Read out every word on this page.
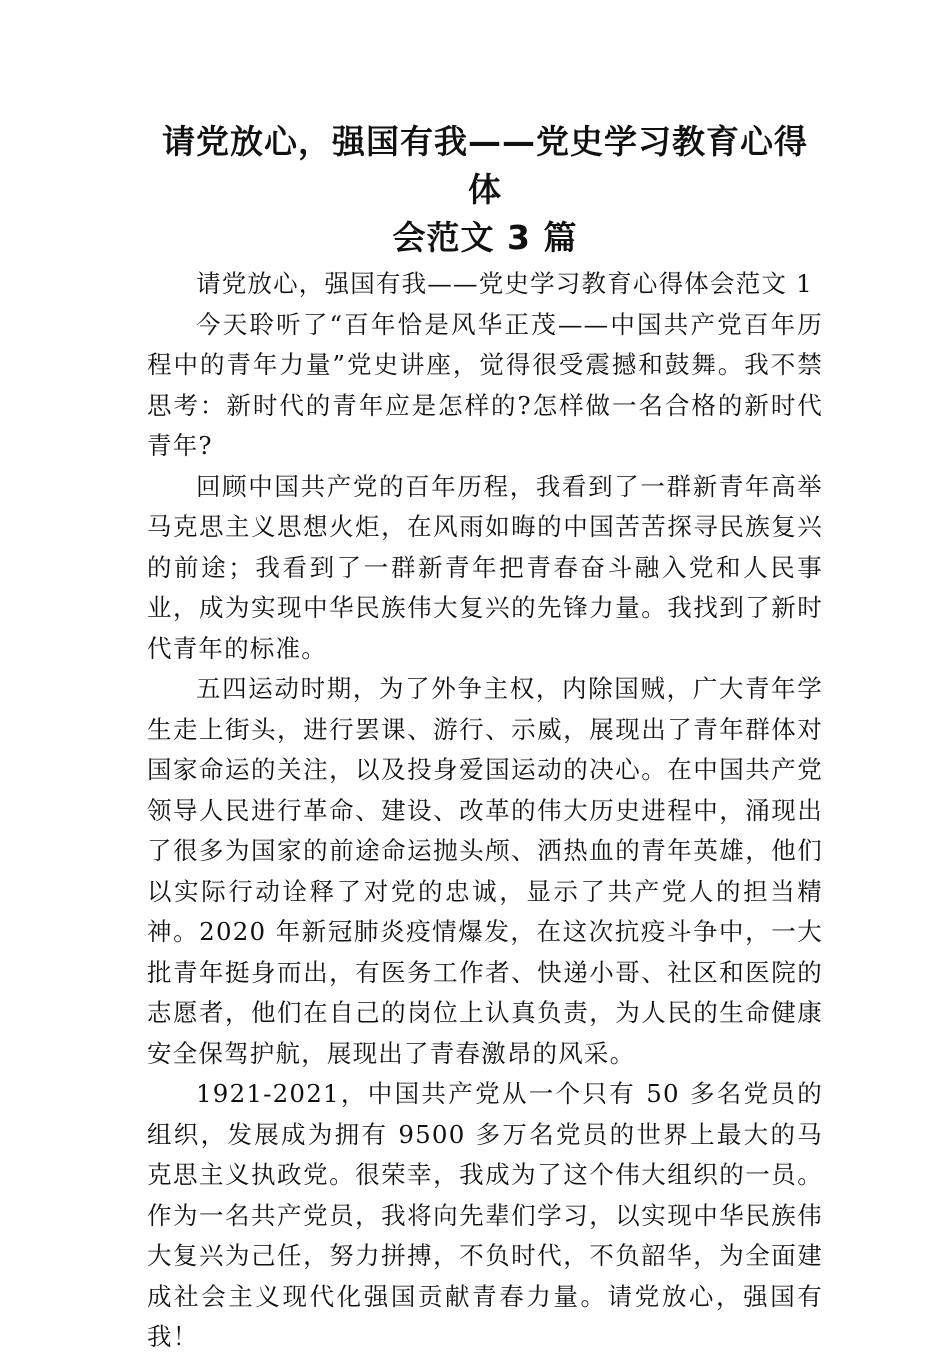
请党放心，强国有我——党史学习教育心得体
会范文 3 篇

请党放心，强国有我——党史学习教育心得体会范文 1

今天聆听了“百年恰是风华正茂——中国共产党百年历程中的青年力量”党史讲座，觉得很受震撼和鼓舞。我不禁思考：新时代的青年应是怎样的?怎样做一名合格的新时代青年?

回顾中国共产党的百年历程，我看到了一群新青年高举马克思主义思想火炬，在风雨如晦的中国苦苦探寻民族复兴的前途；我看到了一群新青年把青春奋斗融入党和人民事业，成为实现中华民族伟大复兴的先锋力量。我找到了新时代青年的标准。

五四运动时期，为了外争主权，内除国贼，广大青年学生走上街头，进行罢课、游行、示威，展现出了青年群体对国家命运的关注，以及投身爱国运动的决心。在中国共产党领导人民进行革命、建设、改革的伟大历史进程中，涌现出了很多为国家的前途命运抛头颅、洒热血的青年英雄，他们以实际行动诠释了对党的忠诚，显示了共产党人的担当精神。2020 年新冠肺炎疫情爆发，在这次抗疫斗争中，一大批青年挺身而出，有医务工作者、快递小哥、社区和医院的志愿者，他们在自己的岗位上认真负责，为人民的生命健康安全保驾护航，展现出了青春激昂的风采。

1921-2021，中国共产党从一个只有 50 多名党员的组织，发展成为拥有 9500 多万名党员的世界上最大的马克思主义执政党。很荣幸，我成为了这个伟大组织的一员。作为一名共产党员，我将向先辈们学习，以实现中华民族伟大复兴为己任，努力拼搏，不负时代，不负韶华，为全面建成社会主义现代化强国贡献青春力量。请党放心，强国有我！
